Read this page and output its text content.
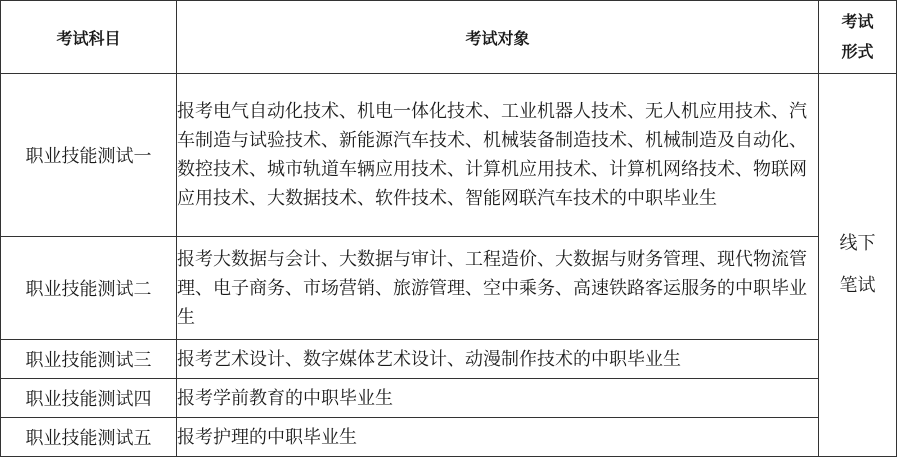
考试科目	考试对象	考试
形式

职业技能测试一	报考电气自动化技术、机电一体化技术、工业机器人技术、无人机应用技术、汽车制造与试验技术、新能源汽车技术、机械装备制造技术、机械制造及自动化、数控技术、城市轨道车辆应用技术、计算机应用技术、计算机网络技术、物联网应用技术、大数据技术、软件技术、智能网联汽车技术的中职毕业生	线下
笔试

职业技能测试二	报考大数据与会计、大数据与审计、工程造价、大数据与财务管理、现代物流管理、电子商务、市场营销、旅游管理、空中乘务、高速铁路客运服务的中职毕业生	
职业技能测试三	报考艺术设计、数字媒体艺术设计、动漫制作技术的中职毕业生	
职业技能测试四	报考学前教育的中职毕业生	
职业技能测试五	报考护理的中职毕业生	
